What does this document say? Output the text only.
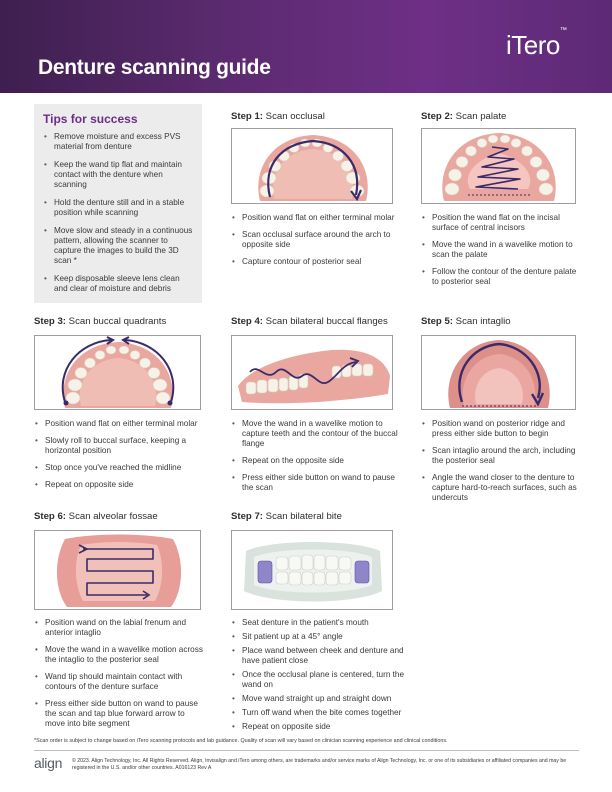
Denture scanning guide
iTero™
Tips for success
• Remove moisture and excess PVS material from denture
• Keep the wand tip flat and maintain contact with the denture when scanning
• Hold the denture still and in a stable position while scanning
• Move slow and steady in a continuous pattern, allowing the scanner to capture the images to build the 3D scan *
• Keep disposable sleeve lens clean and clear of moisture and debris
Step 1: Scan occlusal
• Position wand flat on either terminal molar
• Scan occlusal surface around the arch to opposite side
• Capture contour of posterior seal
Step 2: Scan palate
• Position the wand flat on the incisal surface of central incisors
• Move the wand in a wavelike motion to scan the palate
• Follow the contour of the denture palate to posterior seal
Step 3: Scan buccal quadrants
• Position wand flat on either terminal molar
• Slowly roll to buccal surface, keeping a horizontal position
• Stop once you've reached the midline
• Repeat on opposite side
Step 4: Scan bilateral buccal flanges
• Move the wand in a wavelike motion to capture teeth and the contour of the buccal flange
• Repeat on the opposite side
• Press either side button on wand to pause the scan
Step 5: Scan intaglio
• Position wand on posterior ridge and press either side button to begin
• Scan intaglio around the arch, including the posterior seal
• Angle the wand closer to the denture to capture hard-to-reach surfaces, such as undercuts
Step 6: Scan alveolar fossae
• Position wand on the labial frenum and anterior intaglio
• Move the wand in a wavelike motion across the intaglio to the posterior seal
• Wand tip should maintain contact with contours of the denture surface
• Press either side button on wand to pause the scan and tap blue forward arrow to move into bite segment
Step 7: Scan bilateral bite
• Seat denture in the patient's mouth
• Sit patient up at a 45° angle
• Place wand between cheek and denture and have patient close
• Once the occlusal plane is centered, turn the wand on
• Move wand straight up and straight down
• Turn off wand when the bite comes together
• Repeat on opposite side
*Scan order is subject to change based on iTero scanning protocols and lab guidance. Quality of scan will vary based on clinician scanning experience and clinical conditions.
align © 2023. Align Technology, Inc. All Rights Reserved. Align, Invisalign and iTero among others, are trademarks and/or service marks of Align Technology, Inc. or one of its subsidiaries or affiliated companies and may be registered in the U.S. and/or other countries. A016123 Rev A
